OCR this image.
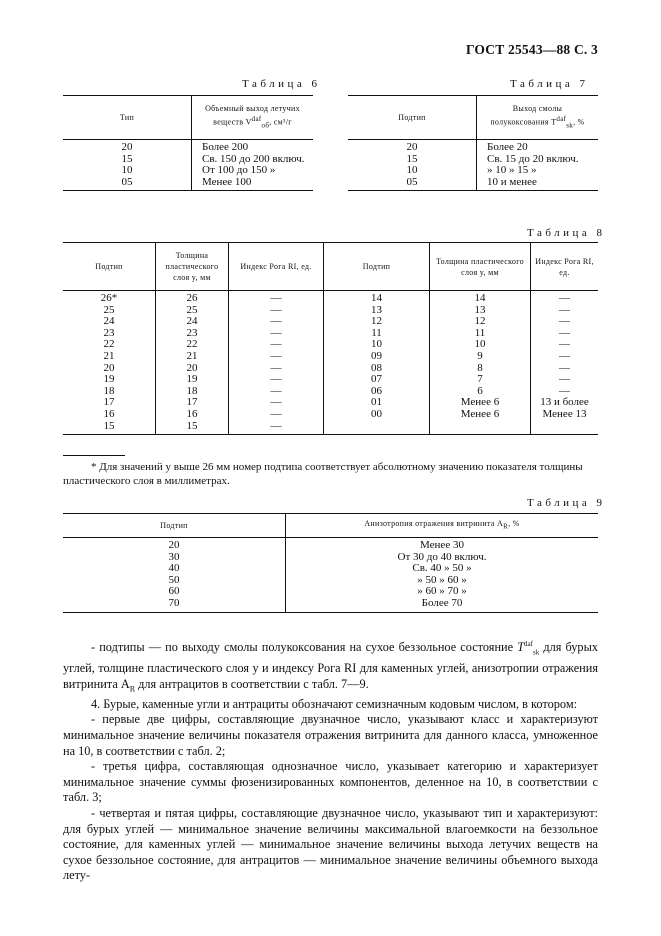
ГОСТ 25543—88 С. 3
Таблица 6
Тип	Объемный выход летучих
веществ Vdaf$_{об}$, см³/г
20	Более 200
15	Св. 150 до 200 включ.
10	От 100 до 150 »
05	Менее 100
Таблица 7
Подтип	Выход смолы
полукоксования Tdaf$_{sk}$, %
20	Более 20
15	Св. 15 до 20 включ.
10	» 10 » 15 »
05	10 и менее
Таблица 8
Подтип	Толщина пластического слоя y, мм	Индекс Рога RI, ед.	Подтип	Толщина пластического слоя y, мм	Индекс Рога RI, ед.
26*	26	—	14	14	—
25	25	—	13	13	—
24	24	—	12	12	—
23	23	—	11	11	—
22	22	—	10	10	—
21	21	—	09	9	—
20	20	—	08	8	—
19	19	—	07	7	—
18	18	—	06	6	—
17	17	—	01	Менее 6	13 и более
16	16	—	00	Менее 6	Менее 13
15	15	—			
* Для значений y выше 26 мм номер подтипа соответствует абсолютному значению показателя толщины пластического слоя в миллиметрах.
Таблица 9
Подтип	Анизотропия отражения витринита $A_R$, %
20	Менее 30
30	От 30 до 40 включ.
40	Св. 40 » 50 »
50	» 50 » 60 »
60	» 60 » 70 »
70	Более 70

- подтипы — по выходу смолы полукоксования на сухое беззольное состояние $T^{daf}_{sk}$ для бурых углей, толщине пластического слоя y и индексу Рога RI для каменных углей, анизотропии отражения витринита $A_R$ для антрацитов в соответствии с табл. 7—9.

4. Бурые, каменные угли и антрациты обозначают семизначным кодовым числом, в котором:

- первые две цифры, составляющие двузначное число, указывают класс и характеризуют минимальное значение величины показателя отражения витринита для данного класса, умноженное на 10, в соответствии с табл. 2;

- третья цифра, составляющая однозначное число, указывает категорию и характеризует минимальное значение суммы фюзенизированных компонентов, деленное на 10, в соответствии с табл. 3;

- четвертая и пятая цифры, составляющие двузначное число, указывают тип и характеризуют: для бурых углей — минимальное значение величины максимальной влагоемкости на беззольное состояние, для каменных углей — минимальное значение величины выхода летучих веществ на сухое беззольное состояние, для антрацитов — минимальное значение величины объемного выхода лету-
